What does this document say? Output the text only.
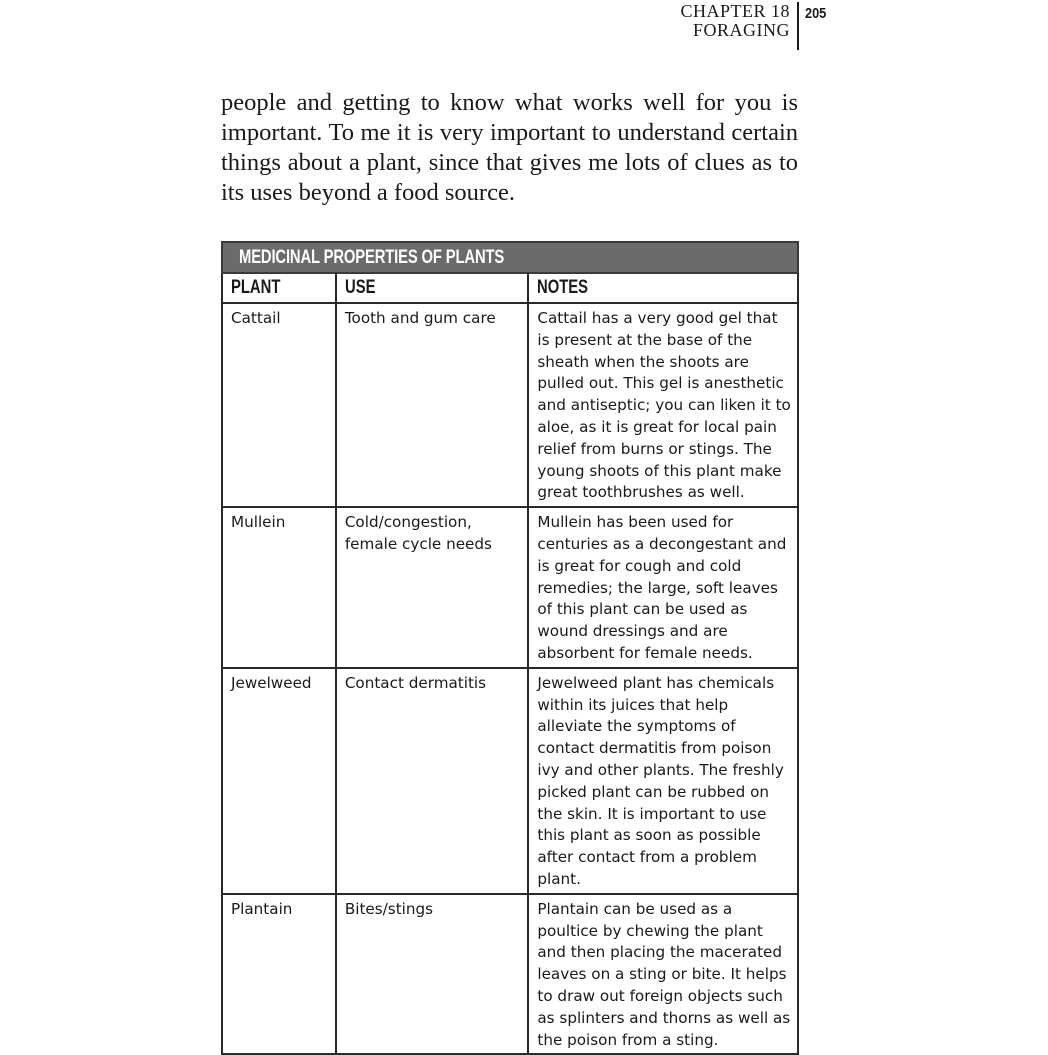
CHAPTER 18
FORAGING
205

people and getting to know what works well for you is important. To me it is very important to understand certain things about a plant, since that gives me lots of clues as to its uses beyond a food source.

MEDICINAL PROPERTIES OF PLANTS		
PLANT	USE	NOTES
Cattail	Tooth and gum care	Cattail has a very good gel that is present at the base of the sheath when the shoots are pulled out. This gel is anesthetic and antiseptic; you can liken it to aloe, as it is great for local pain relief from burns or stings. The young shoots of this plant make great toothbrushes as well.
Mullein	Cold/congestion, female cycle needs	Mullein has been used for centuries as a decongestant and is great for cough and cold remedies; the large, soft leaves of this plant can be used as wound dressings and are absorbent for female needs.
Jewelweed	Contact dermatitis	Jewelweed plant has chemicals within its juices that help alleviate the symptoms of contact dermatitis from poison ivy and other plants. The freshly picked plant can be rubbed on the skin. It is important to use this plant as soon as possible after contact from a problem plant.
Plantain	Bites/stings	Plantain can be used as a poultice by chewing the plant and then placing the macerated leaves on a sting or bite. It helps to draw out foreign objects such as splinters and thorns as well as the poison from a sting.
